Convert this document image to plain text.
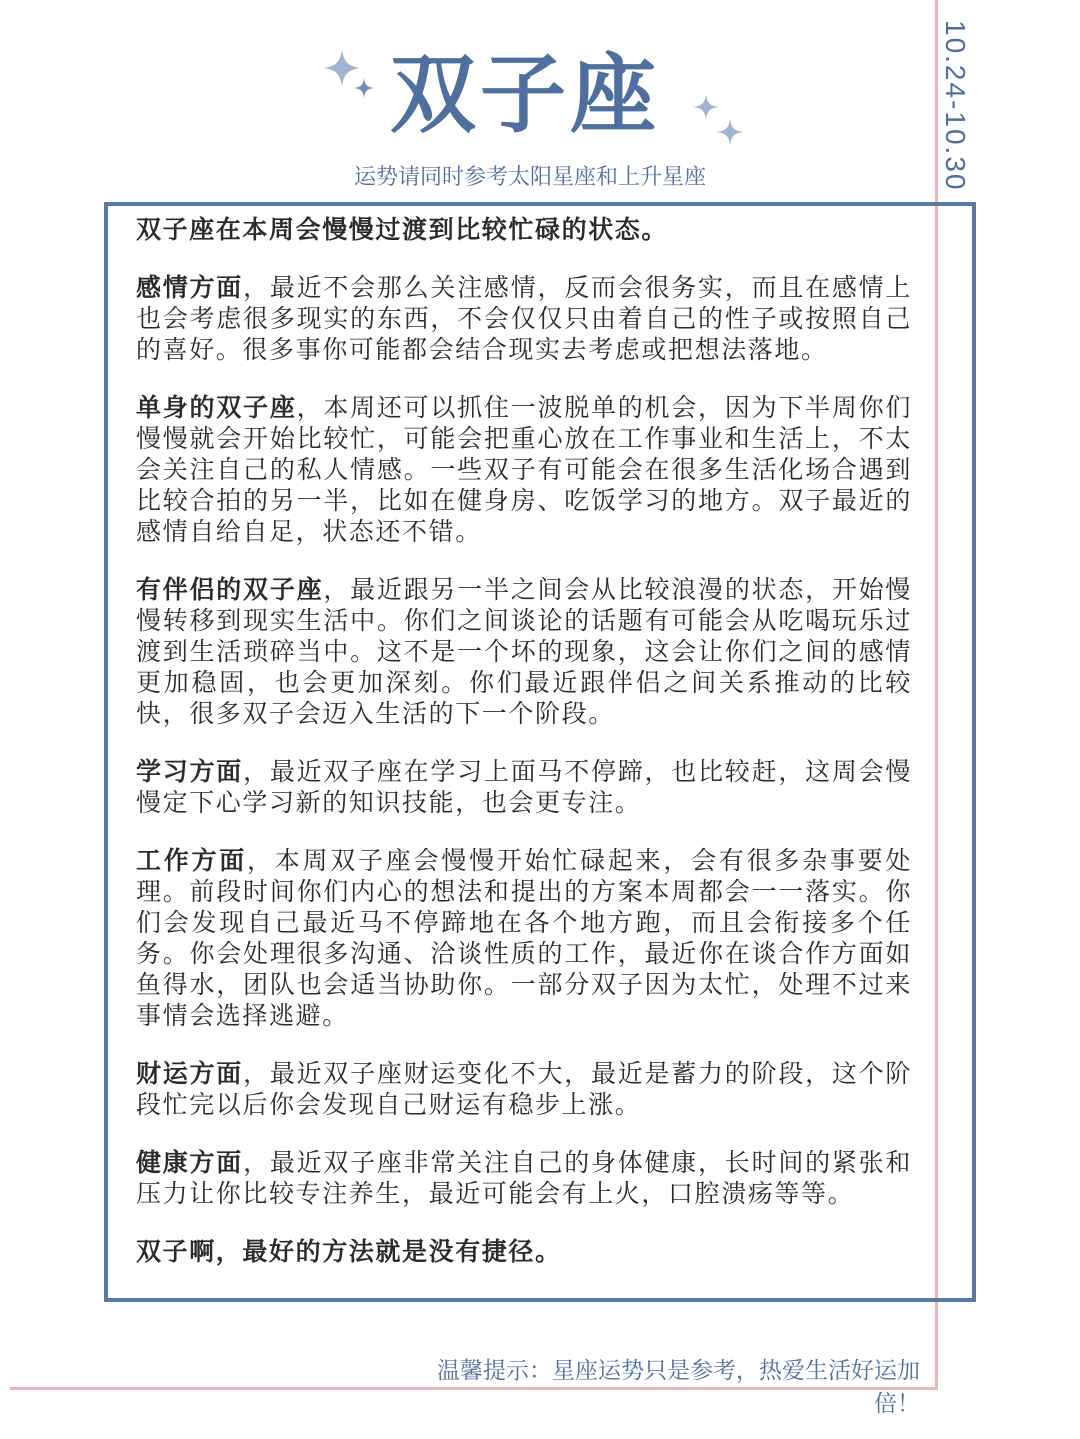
10.24-10.30
双子座
运势请同时参考太阳星座和上升星座

双子座在本周会慢慢过渡到比较忙碌的状态。

感情方面，最近不会那么关注感情，反而会很务实，而且在感情上也会考虑很多现实的东西，不会仅仅只由着自己的性子或按照自己的喜好。很多事你可能都会结合现实去考虑或把想法落地。

单身的双子座，本周还可以抓住一波脱单的机会，因为下半周你们慢慢就会开始比较忙，可能会把重心放在工作事业和生活上，不太会关注自己的私人情感。一些双子有可能会在很多生活化场合遇到比较合拍的另一半，比如在健身房、吃饭学习的地方。双子最近的感情自给自足，状态还不错。

有伴侣的双子座，最近跟另一半之间会从比较浪漫的状态，开始慢慢转移到现实生活中。你们之间谈论的话题有可能会从吃喝玩乐过渡到生活琐碎当中。这不是一个坏的现象，这会让你们之间的感情更加稳固，也会更加深刻。你们最近跟伴侣之间关系推动的比较快，很多双子会迈入生活的下一个阶段。

学习方面，最近双子座在学习上面马不停蹄，也比较赶，这周会慢慢定下心学习新的知识技能，也会更专注。

工作方面，本周双子座会慢慢开始忙碌起来，会有很多杂事要处理。前段时间你们内心的想法和提出的方案本周都会一一落实。你们会发现自己最近马不停蹄地在各个地方跑，而且会衔接多个任务。你会处理很多沟通、洽谈性质的工作，最近你在谈合作方面如鱼得水，团队也会适当协助你。一部分双子因为太忙，处理不过来事情会选择逃避。

财运方面，最近双子座财运变化不大，最近是蓄力的阶段，这个阶段忙完以后你会发现自己财运有稳步上涨。

健康方面，最近双子座非常关注自己的身体健康，长时间的紧张和压力让你比较专注养生，最近可能会有上火，口腔溃疡等等。

双子啊，最好的方法就是没有捷径。

温馨提示：星座运势只是参考，热爱生活好运加倍！
